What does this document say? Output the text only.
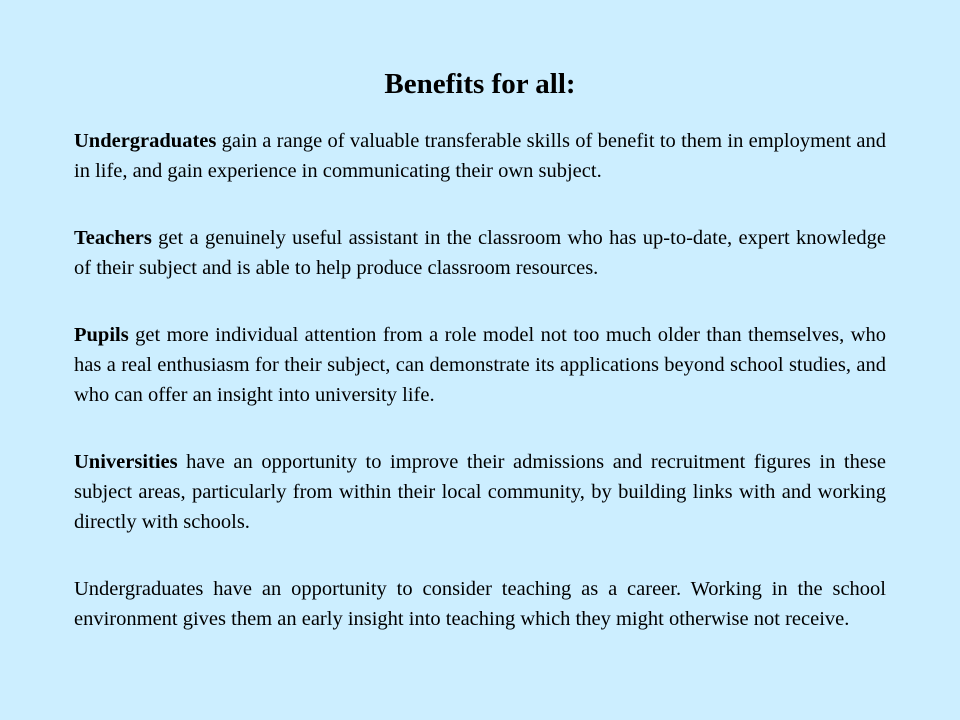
Benefits for all:

Undergraduates gain a range of valuable transferable skills of benefit to them in employment and in life, and gain experience in communicating their own subject.

Teachers get a genuinely useful assistant in the classroom who has up-to-date, expert knowledge of their subject and is able to help produce classroom resources.

Pupils get more individual attention from a role model not too much older than themselves, who has a real enthusiasm for their subject, can demonstrate its applications beyond school studies, and who can offer an insight into university life.

Universities have an opportunity to improve their admissions and recruitment figures in these subject areas, particularly from within their local community, by building links with and working directly with schools.

Undergraduates have an opportunity to consider teaching as a career. Working in the school environment gives them an early insight into teaching which they might otherwise not receive.
